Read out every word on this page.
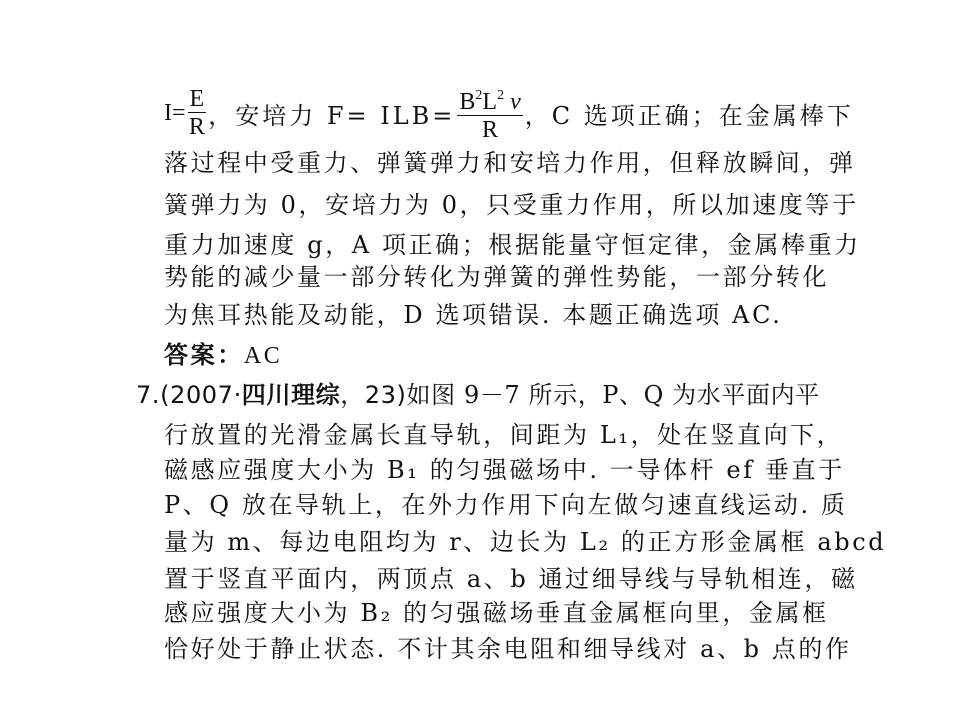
$I= \frac{E}{R}$ ，安培力 $F= ILB= \frac{B^2L^2 v}{R}$ ，C 选项正确；在金属棒下
落过程中受重力、弹簧弹力和安培力作用，但释放瞬间，弹
簧弹力为 0，安培力为 0，只受重力作用，所以加速度等于
重力加速度 g，A 项正确；根据能量守恒定律，金属棒重力
势能的减少量一部分转化为弹簧的弹性势能，一部分转化
为焦耳热能及动能，D 选项错误. 本题正确选项 AC.
答案：AC
7.(2007·四川理综，23)如图 9－7 所示，P、Q 为水平面内平
行放置的光滑金属长直导轨，间距为 L₁，处在竖直向下，
磁感应强度大小为 B₁ 的匀强磁场中. 一导体杆 ef 垂直于
P、Q 放在导轨上，在外力作用下向左做匀速直线运动. 质
量为 m、每边电阻均为 r、边长为 L₂ 的正方形金属框 abcd
置于竖直平面内，两顶点 a、b 通过细导线与导轨相连，磁
感应强度大小为 B₂ 的匀强磁场垂直金属框向里，金属框
恰好处于静止状态. 不计其余电阻和细导线对 a、b 点的作
